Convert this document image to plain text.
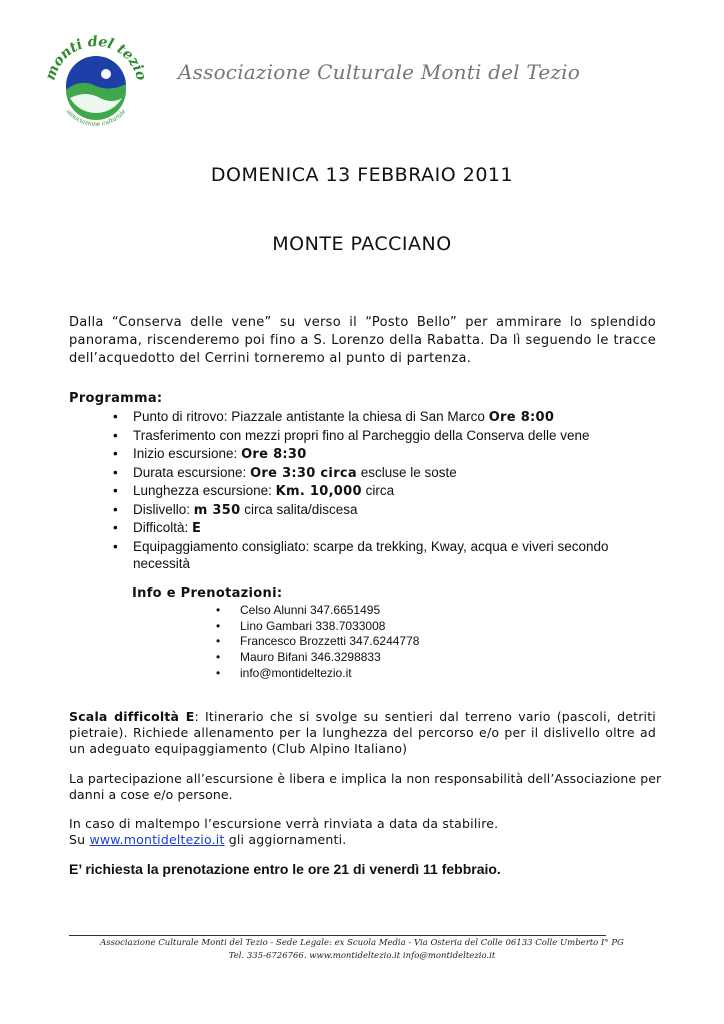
monti del tezio
associazione culturale
Associazione Culturale Monti del Tezio
DOMENICA 13 FEBBRAIO 2011
MONTE PACCIANO
Dalla “Conserva delle vene” su verso il “Posto Bello” per ammirare lo splendido panorama, riscenderemo poi fino a S. Lorenzo della Rabatta. Da lì seguendo le tracce dell’acquedotto del Cerrini torneremo al punto di partenza.
Programma:
• Punto di ritrovo: Piazzale antistante la chiesa di San Marco Ore 8:00
• Trasferimento con mezzi propri fino al Parcheggio della Conserva delle vene
• Inizio escursione: Ore 8:30
• Durata escursione: Ore 3:30 circa escluse le soste
• Lunghezza escursione: Km. 10,000 circa
• Dislivello: m 350 circa salita/discesa
• Difficoltà: E
• Equipaggiamento consigliato: scarpe da trekking, Kway, acqua e viveri secondo necessità
Info e Prenotazioni:
• Celso Alunni 347.6651495
• Lino Gambari 338.7033008
• Francesco Brozzetti 347.6244778
• Mauro Bifani 346.3298833
• info@montideltezio.it
Scala difficoltà E: Itinerario che si svolge su sentieri dal terreno vario (pascoli, detriti pietraie). Richiede allenamento per la lunghezza del percorso e/o per il dislivello oltre ad un adeguato equipaggiamento (Club Alpino Italiano)
La partecipazione all’escursione è libera e implica la non responsabilità dell’Associazione per danni a cose e/o persone.
In caso di maltempo l’escursione verrà rinviata a data da stabilire.
Su www.montideltezio.it gli aggiornamenti.
E’ richiesta la prenotazione entro le ore 21 di venerdì 11 febbraio.
Associazione Culturale Monti del Tezio - Sede Legale: ex Scuola Media - Via Osteria del Colle 06133 Colle Umberto I° PG
Tel. 335-6726766. www.montideltezio.it info@montideltezio.it
